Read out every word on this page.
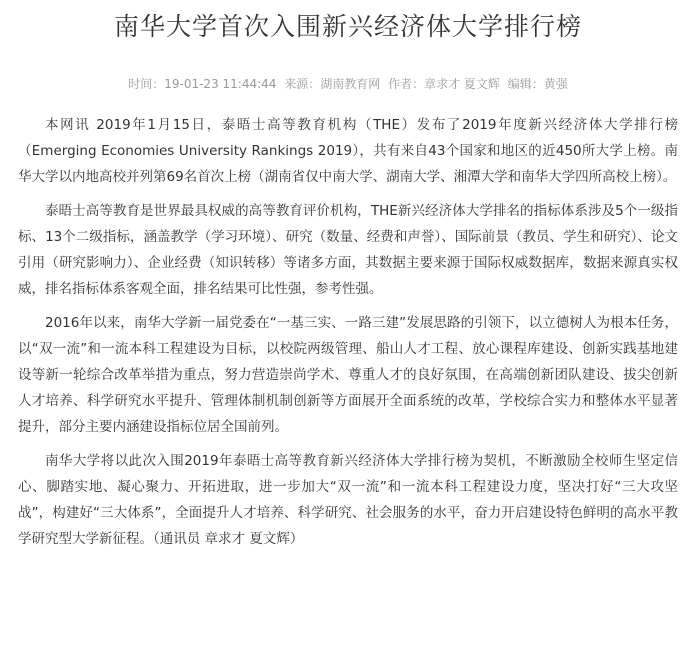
南华大学首次入围新兴经济体大学排行榜
时间：19-01-23 11:44:44 来源：湖南教育网 作者：章求才 夏文辉 编辑：黄强

本网讯 2019年1月15日，泰晤士高等教育机构（THE）发布了2019年度新兴经济体大学排行榜（Emerging Economies University Rankings 2019），共有来自43个国家和地区的近450所大学上榜。南华大学以内地高校并列第69名首次上榜（湖南省仅中南大学、湖南大学、湘潭大学和南华大学四所高校上榜）。

泰晤士高等教育是世界最具权威的高等教育评价机构，THE新兴经济体大学排名的指标体系涉及5个一级指标、13个二级指标，涵盖教学（学习环境）、研究（数量、经费和声誉）、国际前景（教员、学生和研究）、论文引用（研究影响力）、企业经费（知识转移）等诸多方面，其数据主要来源于国际权威数据库，数据来源真实权威，排名指标体系客观全面，排名结果可比性强，参考性强。

2016年以来，南华大学新一届党委在“一基三实、一路三建”发展思路的引领下，以立德树人为根本任务，以“双一流”和一流本科工程建设为目标，以校院两级管理、船山人才工程、放心课程库建设、创新实践基地建设等新一轮综合改革举措为重点，努力营造崇尚学术、尊重人才的良好氛围，在高端创新团队建设、拔尖创新人才培养、科学研究水平提升、管理体制机制创新等方面展开全面系统的改革，学校综合实力和整体水平显著提升，部分主要内涵建设指标位居全国前列。

南华大学将以此次入围2019年泰晤士高等教育新兴经济体大学排行榜为契机，不断激励全校师生坚定信心、脚踏实地、凝心聚力、开拓进取，进一步加大“双一流”和一流本科工程建设力度，坚决打好“三大攻坚战”，构建好“三大体系”，全面提升人才培养、科学研究、社会服务的水平，奋力开启建设特色鲜明的高水平教学研究型大学新征程。（通讯员 章求才 夏文辉）
